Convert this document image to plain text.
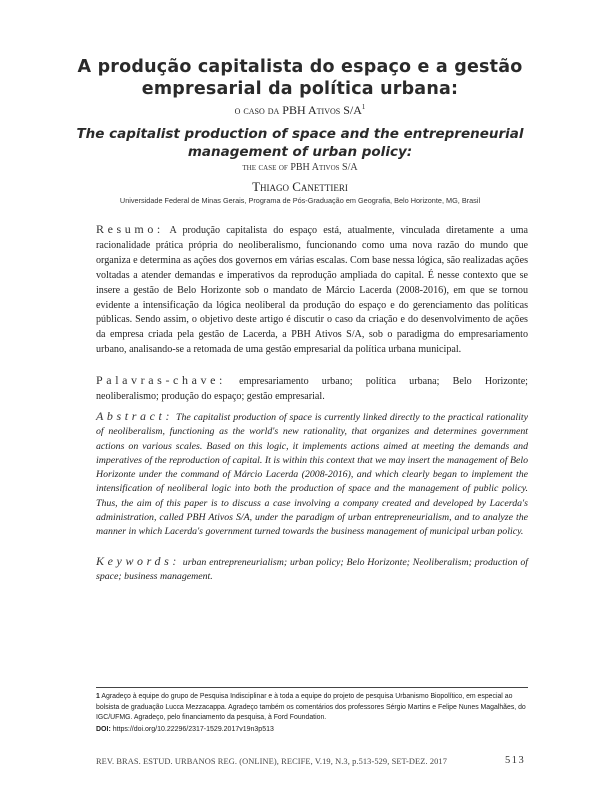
A produção capitalista do espaço e a gestão empresarial da política urbana:
o caso da PBH Ativos $S/A^1$
The capitalist production of space and the entrepreneurial management of urban policy:
the case of PBH Ativos S/A
Thiago Canettieri
Universidade Federal de Minas Gerais, Programa de Pós-Graduação em Geografia, Belo Horizonte, MG, Brasil
Resumo: A produção capitalista do espaço está, atualmente, vinculada diretamente a uma racionalidade prática própria do neoliberalismo, funcionando como uma nova razão do mundo que organiza e determina as ações dos governos em várias escalas. Com base nessa lógica, são realizadas ações voltadas a atender demandas e imperativos da reprodução ampliada do capital. É nesse contexto que se insere a gestão de Belo Horizonte sob o mandato de Márcio Lacerda (2008-2016), em que se tornou evidente a intensificação da lógica neoliberal da produção do espaço e do gerenciamento das políticas públicas. Sendo assim, o objetivo deste artigo é discutir o caso da criação e do desenvolvimento de ações da empresa criada pela gestão de Lacerda, a PBH Ativos S/A, sob o paradigma do empresariamento urbano, analisando-se a retomada de uma gestão empresarial da política urbana municipal.
Palavras-chave: empresariamento urbano; política urbana; Belo Horizonte; neoliberalismo; produção do espaço; gestão empresarial.
Abstract: The capitalist production of space is currently linked directly to the practical rationality of neoliberalism, functioning as the world's new rationality, that organizes and determines government actions on various scales. Based on this logic, it implements actions aimed at meeting the demands and imperatives of the reproduction of capital. It is within this context that we may insert the management of Belo Horizonte under the command of Márcio Lacerda (2008-2016), and which clearly began to implement the intensification of neoliberal logic into both the production of space and the management of public policy. Thus, the aim of this paper is to discuss a case involving a company created and developed by Lacerda's administration, called PBH Ativos S/A, under the paradigm of urban entrepreneurialism, and to analyze the manner in which Lacerda's government turned towards the business management of municipal urban policy.
Keywords: urban entrepreneurialism; urban policy; Belo Horizonte; Neoliberalism; production of space; business management.
1 Agradeço à equipe do grupo de Pesquisa Indisciplinar e à toda a equipe do projeto de pesquisa Urbanismo Biopolítico, em especial ao bolsista de graduação Lucca Mezzacappa. Agradeço também os comentários dos professores Sérgio Martins e Felipe Nunes Magalhães, do IGC/UFMG. Agradeço, pelo financiamento da pesquisa, à Ford Foundation.
DOI: https://doi.org/10.22296/2317-1529.2017v19n3p513
REV. BRAS. ESTUD. URBANOS REG. (ONLINE), RECIFE, V.19, N.3, p.513-529, SET-DEZ. 2017	513
